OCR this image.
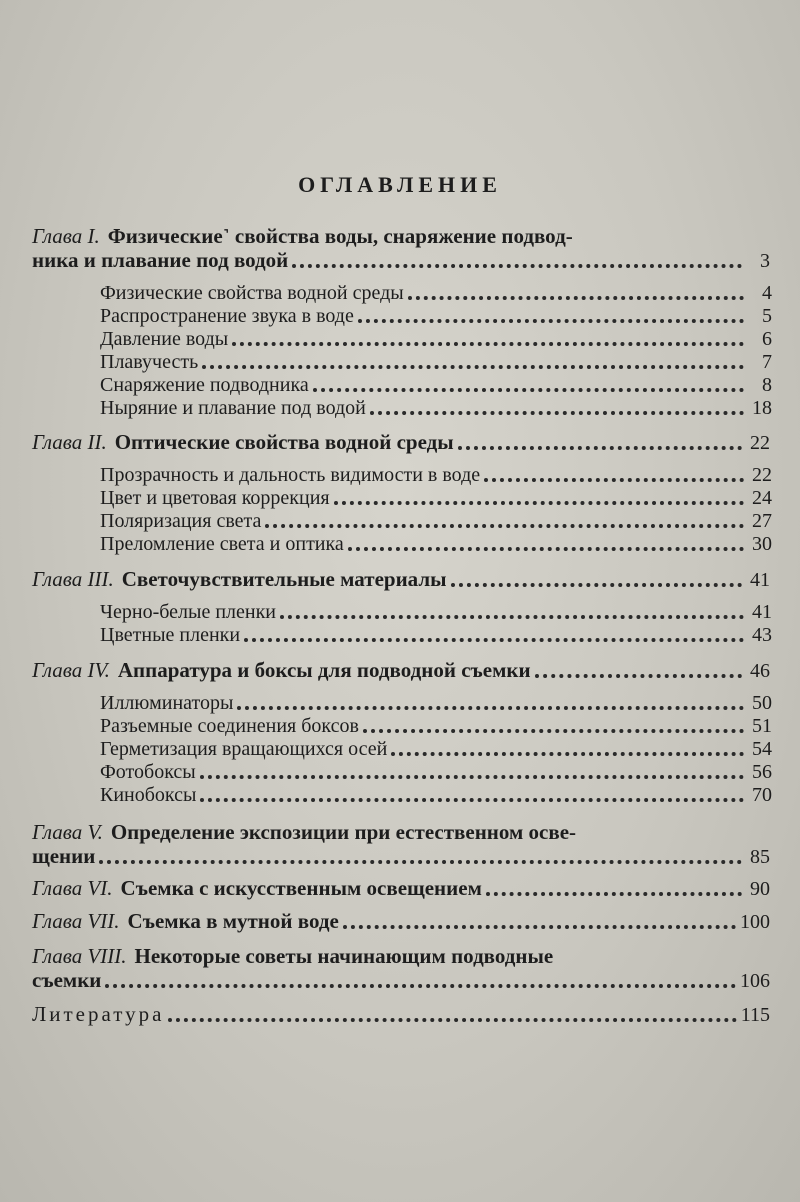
ОГЛАВЛЕНИЕ
Глава I. Физические˺ свойства воды, снаряжение подвод-
ника и плавание под водой	3
Физические свойства водной среды	4
Распространение звука в воде	5
Давление воды	6
Плавучесть	7
Снаряжение подводника	8
Ныряние и плавание под водой	18
Глава II. Оптические свойства водной среды	22
Прозрачность и дальность видимости в воде	22
Цвет и цветовая коррекция	24
Поляризация света	27
Преломление света и оптика	30
Глава III. Светочувствительные материалы	41
Черно-белые пленки	41
Цветные пленки	43
Глава IV. Аппаратура и боксы для подводной съемки	46
Иллюминаторы	50
Разъемные соединения боксов	51
Герметизация вращающихся осей	54
Фотобоксы	56
Кинобоксы	70
Глава V. Определение экспозиции при естественном осве-
щении	85
Глава VI. Съемка с искусственным освещением	90
Глава VII. Съемка в мутной воде	100
Глава VIII. Некоторые советы начинающим подводные
съемки	106
Литература	115
